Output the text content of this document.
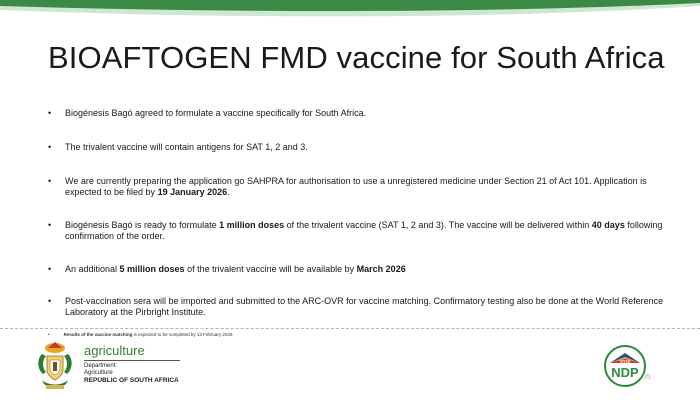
BIOAFTOGEN FMD vaccine for South Africa
• Biogénesis Bagó agreed to formulate a vaccine specifically for South Africa.
• The trivalent vaccine will contain antigens for SAT 1, 2 and 3.
• We are currently preparing the application go SAHPRA for authorisation to use a unregistered medicine under Section 21 of Act 101. Application is expected to be filed by 19 January 2026.
• Biogénesis Bagó is ready to formulate 1 million doses of the trivalent vaccine (SAT 1, 2 and 3). The vaccine will be delivered within 40 days following confirmation of the order.
• An additional 5 million doses of the trivalent vaccine will be available by March 2026
• Post-vaccination sera will be imported and submitted to the ARC-OVR for vaccine matching. Confirmatory testing also be done at the World Reference Laboratory at the Pirbright Institute.
•	Results of the vaccine matching is expected to be completed by 13 February 2026.
agriculture
Department:
Agriculture
REPUBLIC OF SOUTH AFRICA
2030
NDP 35
